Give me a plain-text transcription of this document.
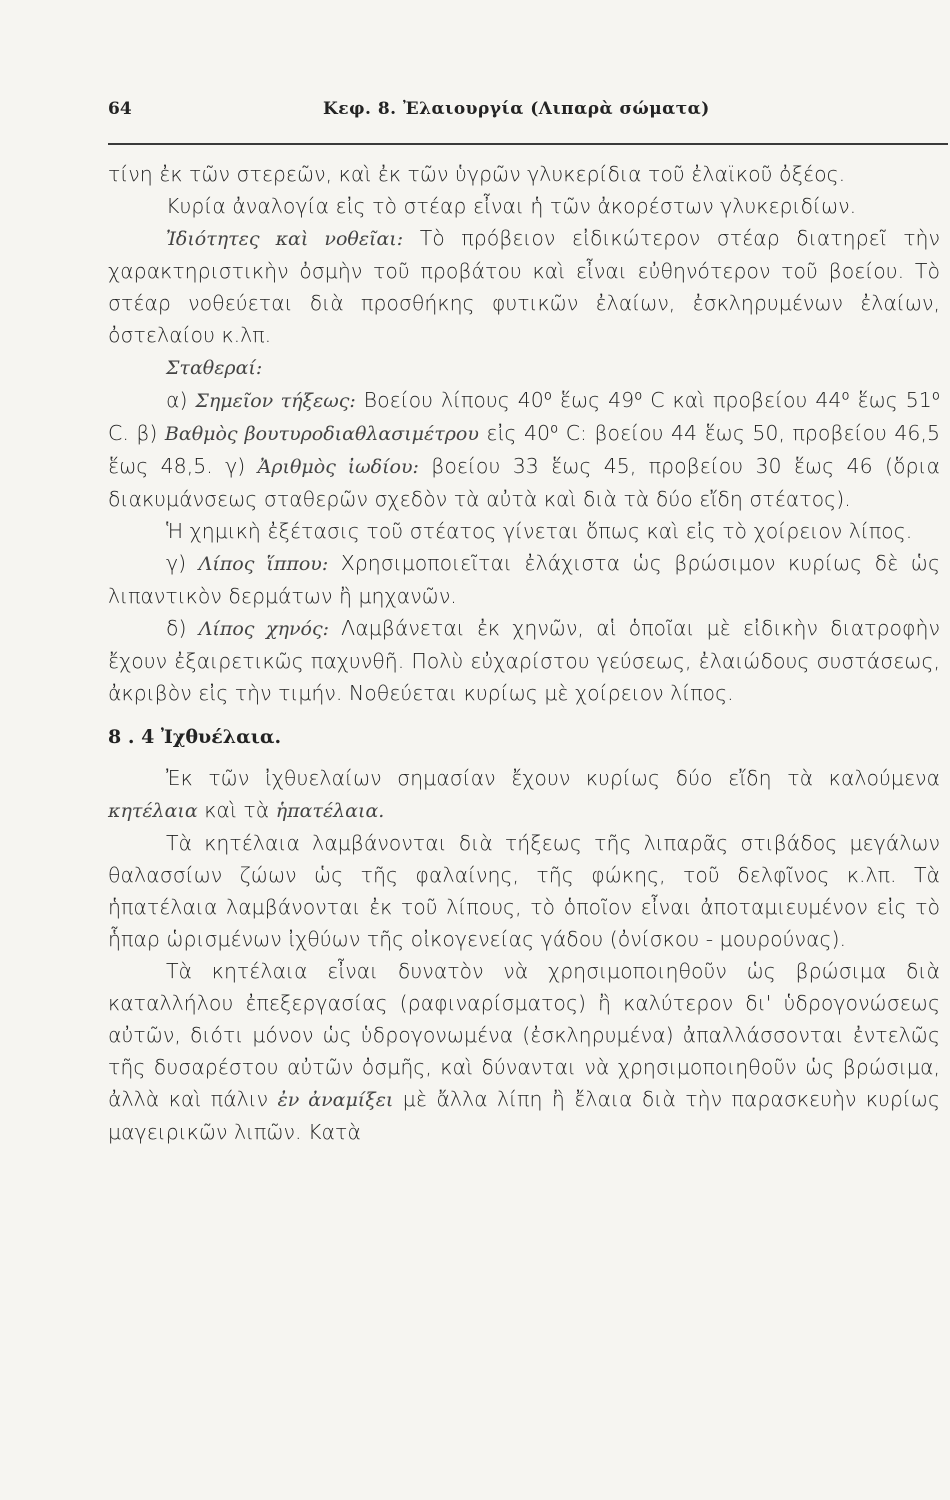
64	Κεφ. 8. Ἐλαιουργία (Λιπαρὰ σώματα)

τίνη ἐκ τῶν στερεῶν, καὶ ἐκ τῶν ὑγρῶν γλυκερίδια τοῦ ἐλαϊκοῦ ὀξέος.

Κυρία ἀναλογία εἰς τὸ στέαρ εἶναι ἡ τῶν ἀκορέστων γλυκεριδίων.

Ἰδιότητες καὶ νοθεῖαι: Τὸ πρόβειον εἰδικώτερον στέαρ διατηρεῖ τὴν χαρακτηριστικὴν ὀσμὴν τοῦ προβάτου καὶ εἶναι εὐθηνότερον τοῦ βοείου. Τὸ στέαρ νοθεύεται διὰ προσθήκης φυτικῶν ἐλαίων, ἐσκληρυμένων ἐλαίων, ὀστελαίου κ.λπ.

Σταθεραί:

α) Σημεῖον τήξεως: Βοείου λίπους 40⁰ ἕως 49⁰ C καὶ προβείου 44⁰ ἕως 51⁰ C. β) Βαθμὸς βουτυροδιαθλασιμέτρου εἰς 40⁰ C: βοείου 44 ἕως 50, προβείου 46,5 ἕως 48,5. γ) Ἀριθμὸς ἰωδίου: βοείου 33 ἕως 45, προβείου 30 ἕως 46 (ὅρια διακυμάνσεως σταθερῶν σχεδὸν τὰ αὐτὰ καὶ διὰ τὰ δύο εἴδη στέατος).

Ἡ χημικὴ ἐξέτασις τοῦ στέατος γίνεται ὅπως καὶ εἰς τὸ χοίρειον λίπος.

γ) Λίπος ἵππου: Χρησιμοποιεῖται ἐλάχιστα ὡς βρώσιμον κυρίως δὲ ὡς λιπαντικὸν δερμάτων ἢ μηχανῶν.

δ) Λίπος χηνός: Λαμβάνεται ἐκ χηνῶν, αἱ ὁποῖαι μὲ εἰδικὴν διατροφὴν ἔχουν ἐξαιρετικῶς παχυνθῆ. Πολὺ εὐχαρίστου γεύσεως, ἐλαιώδους συστάσεως, ἀκριβὸν εἰς τὴν τιμήν. Νοθεύεται κυρίως μὲ χοίρειον λίπος.

8 . 4 Ἰχθυέλαια.

Ἐκ τῶν ἰχθυελαίων σημασίαν ἔχουν κυρίως δύο εἴδη τὰ καλούμενα κητέλαια καὶ τὰ ἡπατέλαια.

Τὰ κητέλαια λαμβάνονται διὰ τήξεως τῆς λιπαρᾶς στιβάδος μεγάλων θαλασσίων ζώων ὡς τῆς φαλαίνης, τῆς φώκης, τοῦ δελφῖνος κ.λπ. Τὰ ἡπατέλαια λαμβάνονται ἐκ τοῦ λίπους, τὸ ὁποῖον εἶναι ἀποταμιευμένον εἰς τὸ ἧπαρ ὡρισμένων ἰχθύων τῆς οἰκογενείας γάδου (ὀνίσκου - μουρούνας).

Τὰ κητέλαια εἶναι δυνατὸν νὰ χρησιμοποιηθοῦν ὡς βρώσιμα διὰ καταλλήλου ἐπεξεργασίας (ραφιναρίσματος) ἢ καλύτερον δι' ὑδρογονώσεως αὐτῶν, διότι μόνον ὡς ὑδρογονωμένα (ἐσκληρυμένα) ἀπαλλάσσονται ἐντελῶς τῆς δυσαρέστου αὐτῶν ὀσμῆς, καὶ δύνανται νὰ χρησιμοποιηθοῦν ὡς βρώσιμα, ἀλλὰ καὶ πάλιν ἐν ἀναμίξει μὲ ἄλλα λίπη ἢ ἔλαια διὰ τὴν παρασκευὴν κυρίως μαγειρικῶν λιπῶν. Κατὰ
